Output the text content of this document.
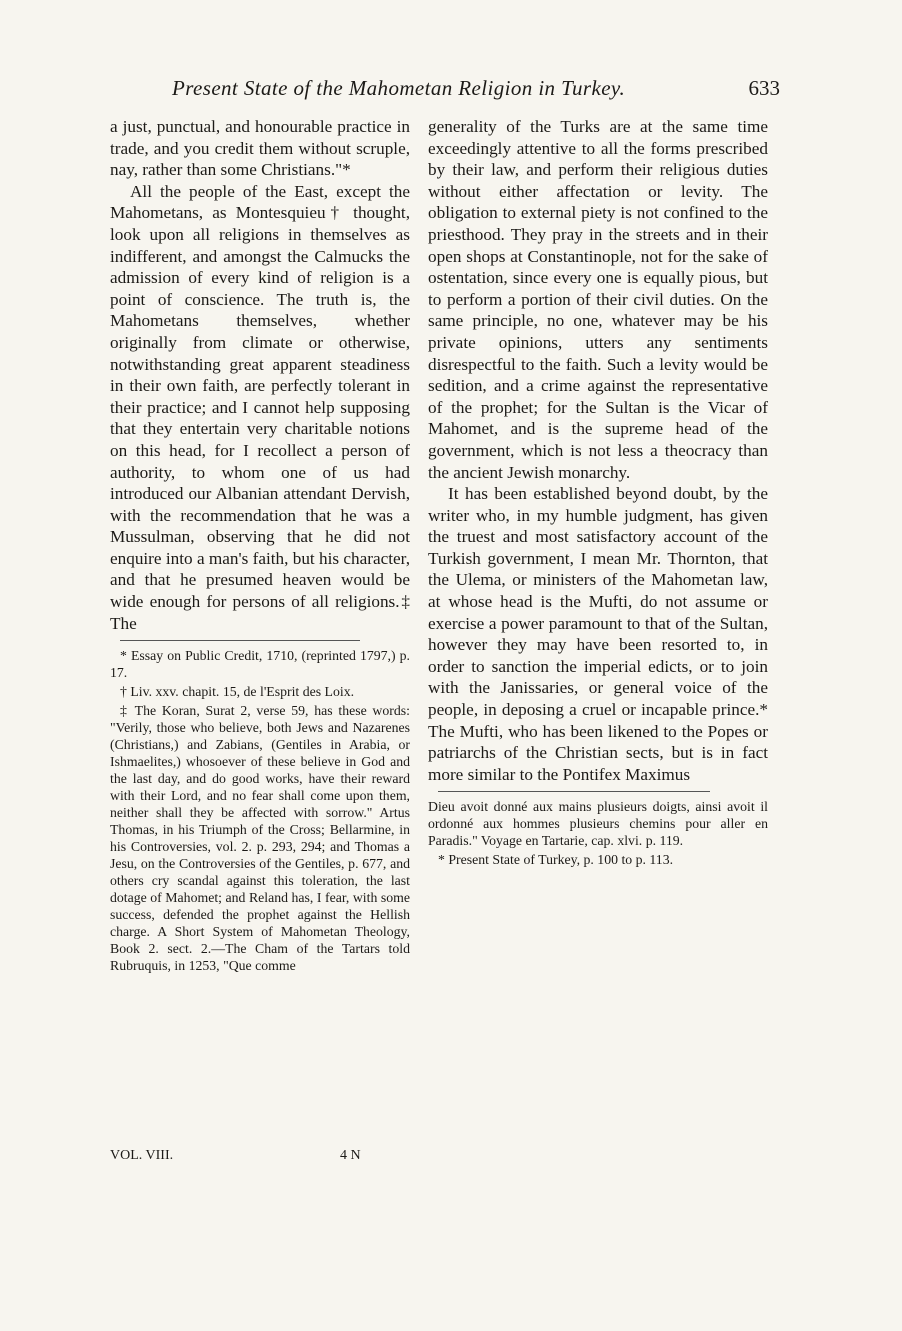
Present State of the Mahometan Religion in Turkey.	633

a just, punctual, and honourable practice in trade, and you credit them without scruple, nay, rather than some Christians."*

All the people of the East, except the Mahometans, as Montesquieu† thought, look upon all religions in themselves as indifferent, and amongst the Calmucks the admission of every kind of religion is a point of conscience. The truth is, the Mahometans themselves, whether originally from climate or otherwise, notwithstanding great apparent steadiness in their own faith, are perfectly tolerant in their practice; and I cannot help supposing that they entertain very charitable notions on this head, for I recollect a person of authority, to whom one of us had introduced our Albanian attendant Dervish, with the recommendation that he was a Mussulman, observing that he did not enquire into a man's faith, but his character, and that he presumed heaven would be wide enough for persons of all religions.‡ The

* Essay on Public Credit, 1710, (reprinted 1797,) p. 17.

† Liv. xxv. chapit. 15, de l'Esprit des Loix.

‡ The Koran, Surat 2, verse 59, has these words: "Verily, those who believe, both Jews and Nazarenes (Christians,) and Zabians, (Gentiles in Arabia, or Ishmaelites,) whosoever of these believe in God and the last day, and do good works, have their reward with their Lord, and no fear shall come upon them, neither shall they be affected with sorrow." Artus Thomas, in his Triumph of the Cross; Bellarmine, in his Controversies, vol. 2. p. 293, 294; and Thomas a Jesu, on the Controversies of the Gentiles, p. 677, and others cry scandal against this toleration, the last dotage of Mahomet; and Reland has, I fear, with some success, defended the prophet against the Hellish charge. A Short System of Mahometan Theology, Book 2. sect. 2.—The Cham of the Tartars told Rubruquis, in 1253, "Que comme

generality of the Turks are at the same time exceedingly attentive to all the forms prescribed by their law, and perform their religious duties without either affectation or levity. The obligation to external piety is not confined to the priesthood. They pray in the streets and in their open shops at Constantinople, not for the sake of ostentation, since every one is equally pious, but to perform a portion of their civil duties. On the same principle, no one, whatever may be his private opinions, utters any sentiments disrespectful to the faith. Such a levity would be sedition, and a crime against the representative of the prophet; for the Sultan is the Vicar of Mahomet, and is the supreme head of the government, which is not less a theocracy than the ancient Jewish monarchy.

It has been established beyond doubt, by the writer who, in my humble judgment, has given the truest and most satisfactory account of the Turkish government, I mean Mr. Thornton, that the Ulema, or ministers of the Mahometan law, at whose head is the Mufti, do not assume or exercise a power paramount to that of the Sultan, however they may have been resorted to, in order to sanction the imperial edicts, or to join with the Janissaries, or general voice of the people, in deposing a cruel or incapable prince.* The Mufti, who has been likened to the Popes or patriarchs of the Christian sects, but is in fact more similar to the Pontifex Maximus

Dieu avoit donné aux mains plusieurs doigts, ainsi avoit il ordonné aux hommes plusieurs chemins pour aller en Paradis." Voyage en Tartarie, cap. xlvi. p. 119.

* Present State of Turkey, p. 100 to p. 113.

VOL. VIII.	4 N
